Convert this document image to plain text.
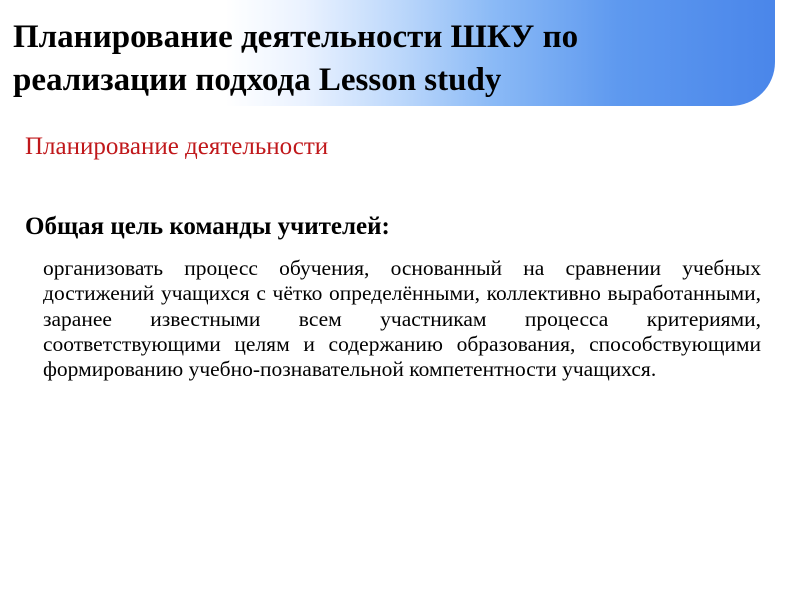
Планирование деятельности ШКУ по реализации подхода Lesson study
Планирование деятельности
Общая цель команды учителей:

организовать процесс обучения, основанный на сравнении учебных достижений учащихся с чётко определёнными, коллективно выработанными, заранее известными всем участникам процесса критериями, соответствующими целям и содержанию образования, способствующими формированию учебно-познавательной компетентности учащихся.
